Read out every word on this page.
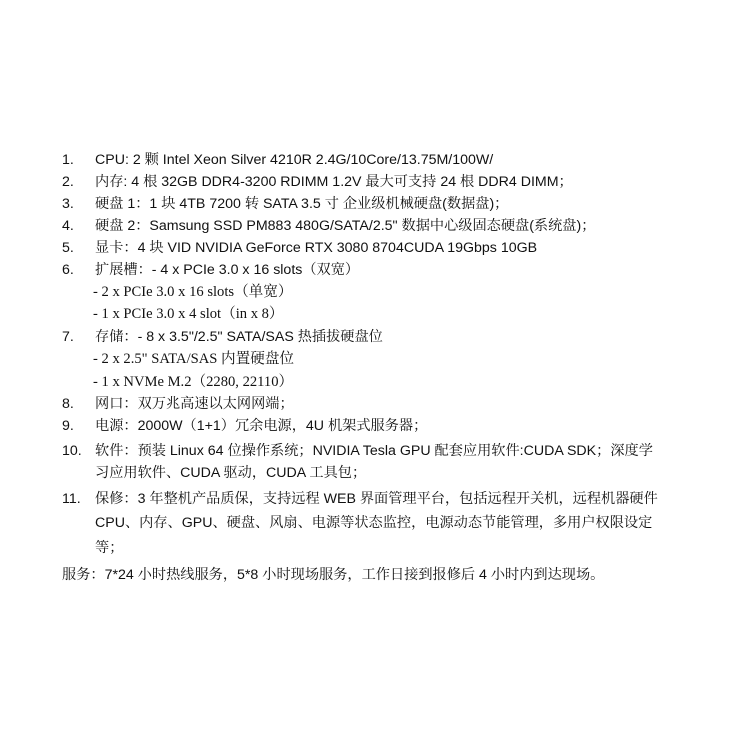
1. CPU: 2 颗 Intel Xeon Silver 4210R 2.4G/10Core/13.75M/100W/
2. 内存: 4 根 32GB DDR4-3200 RDIMM 1.2V 最大可支持 24 根 DDR4 DIMM；
3. 硬盘 1：1 块 4TB 7200 转 SATA 3.5 寸 企业级机械硬盘(数据盘)；
4. 硬盘 2：Samsung SSD PM883 480G/SATA/2.5" 数据中心级固态硬盘(系统盘)；
5. 显卡：4 块 VID NVIDIA GeForce RTX 3080 8704CUDA 19Gbps 10GB
6. 扩展槽：- 4 x PCIe 3.0 x 16 slots（双宽）
- 2 x PCIe 3.0 x 16 slots（单宽）
- 1 x PCIe 3.0 x 4 slot（in x 8）
7. 存储：- 8 x 3.5"/2.5" SATA/SAS 热插拔硬盘位
- 2 x 2.5" SATA/SAS 内置硬盘位
- 1 x NVMe M.2（2280, 22110）
8. 网口：双万兆高速以太网网端；
9. 电源：2000W（1+1）冗余电源，4U 机架式服务器；
10. 软件：预装 Linux 64 位操作系统；NVIDIA Tesla GPU 配套应用软件:CUDA SDK；深度学
习应用软件、CUDA 驱动，CUDA 工具包；
11. 保修：3 年整机产品质保，支持远程 WEB 界面管理平台，包括远程开关机，远程机器硬件
CPU、内存、GPU、硬盘、风扇、电源等状态监控，电源动态节能管理，多用户权限设定
等；
服务：7*24 小时热线服务，5*8 小时现场服务，工作日接到报修后 4 小时内到达现场。
